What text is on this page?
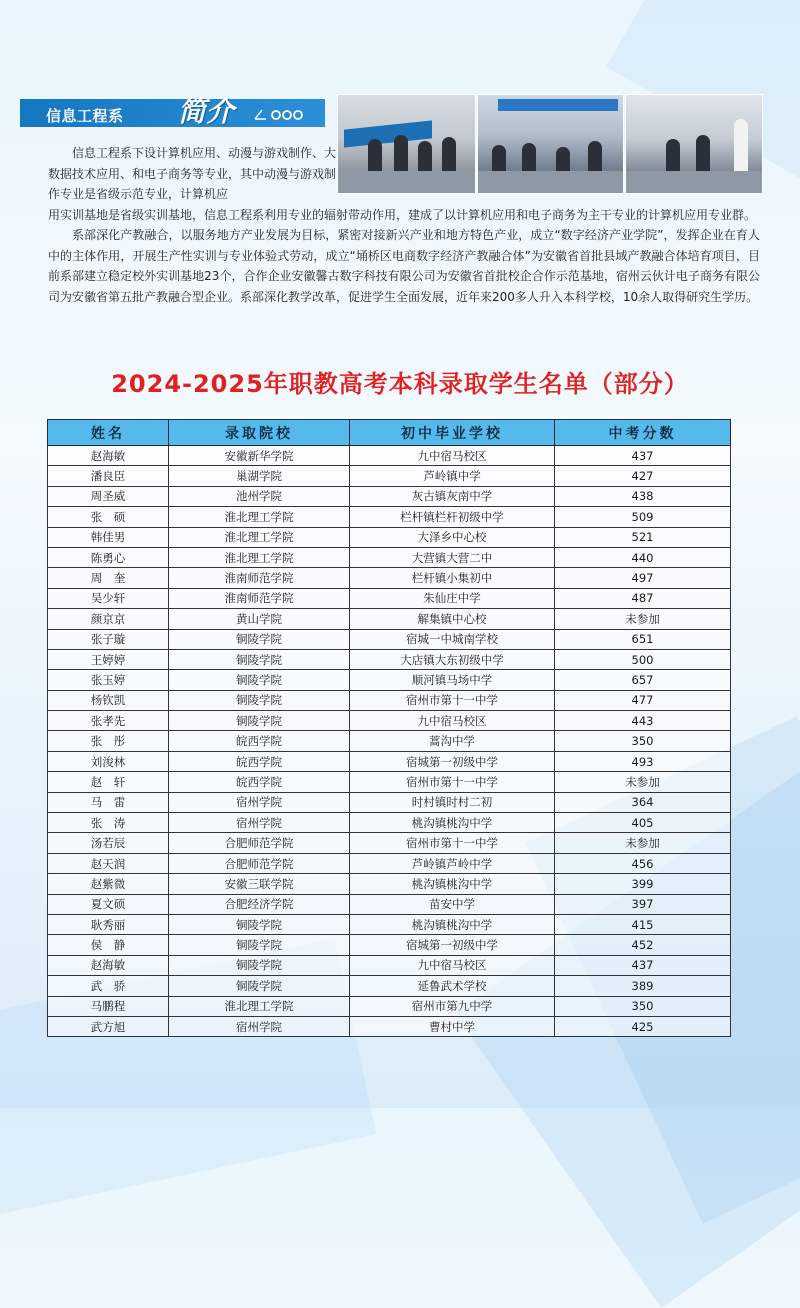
信息工程系 简介

信息工程系下设计算机应用、动漫与游戏制作、大数据技术应用、和电子商务等专业，其中动漫与游戏制作专业是省级示范专业，计算机应

用实训基地是省级实训基地，信息工程系利用专业的辐射带动作用，建成了以计算机应用和电子商务为主干专业的计算机应用专业群。

系部深化产教融合，以服务地方产业发展为目标，紧密对接新兴产业和地方特色产业，成立“数字经济产业学院”，发挥企业在育人中的主体作用，开展生产性实训与专业体验式劳动，成立“埇桥区电商数字经济产教融合体”为安徽省首批县域产教融合体培育项目，目前系部建立稳定校外实训基地23个，合作企业安徽馨古数字科技有限公司为安徽省首批校企合作示范基地，宿州云伙计电子商务有限公司为安徽省第五批产教融合型企业。系部深化教学改革，促进学生全面发展，近年来200多人升入本科学校，10余人取得研究生学历。

2024-2025年职教高考本科录取学生名单（部分）
姓名	录取院校	初中毕业学校	中考分数
赵海敏	安徽新华学院	九中宿马校区	437
潘良臣	巢湖学院	芦岭镇中学	427
周圣威	池州学院	灰古镇灰南中学	438
张　硕	淮北理工学院	栏杆镇栏杆初级中学	509
韩佳男	淮北理工学院	大泽乡中心校	521
陈勇心	淮北理工学院	大营镇大营二中	440
周　奎	淮南师范学院	栏杆镇小集初中	497
吴少轩	淮南师范学院	朱仙庄中学	487
颜京京	黄山学院	解集镇中心校	未参加
张子璇	铜陵学院	宿城一中城南学校	651
王婷婷	铜陵学院	大店镇大东初级中学	500
张玉婷	铜陵学院	顺河镇马场中学	657
杨钦凯	铜陵学院	宿州市第十一中学	477
张孝先	铜陵学院	九中宿马校区	443
张　彤	皖西学院	蒿沟中学	350
刘浚林	皖西学院	宿城第一初级中学	493
赵　轩	皖西学院	宿州市第十一中学	未参加
马　雷	宿州学院	时村镇时村二初	364
张　涛	宿州学院	桃沟镇桃沟中学	405
汤若辰	合肥师范学院	宿州市第十一中学	未参加
赵天润	合肥师范学院	芦岭镇芦岭中学	456
赵紫微	安徽三联学院	桃沟镇桃沟中学	399
夏文硕	合肥经济学院	苗安中学	397
耿秀丽	铜陵学院	桃沟镇桃沟中学	415
侯　静	铜陵学院	宿城第一初级中学	452
赵海敏	铜陵学院	九中宿马校区	437
武　骄	铜陵学院	延鲁武术学校	389
马鹏程	淮北理工学院	宿州市第九中学	350
武方旭	宿州学院	曹村中学	425
